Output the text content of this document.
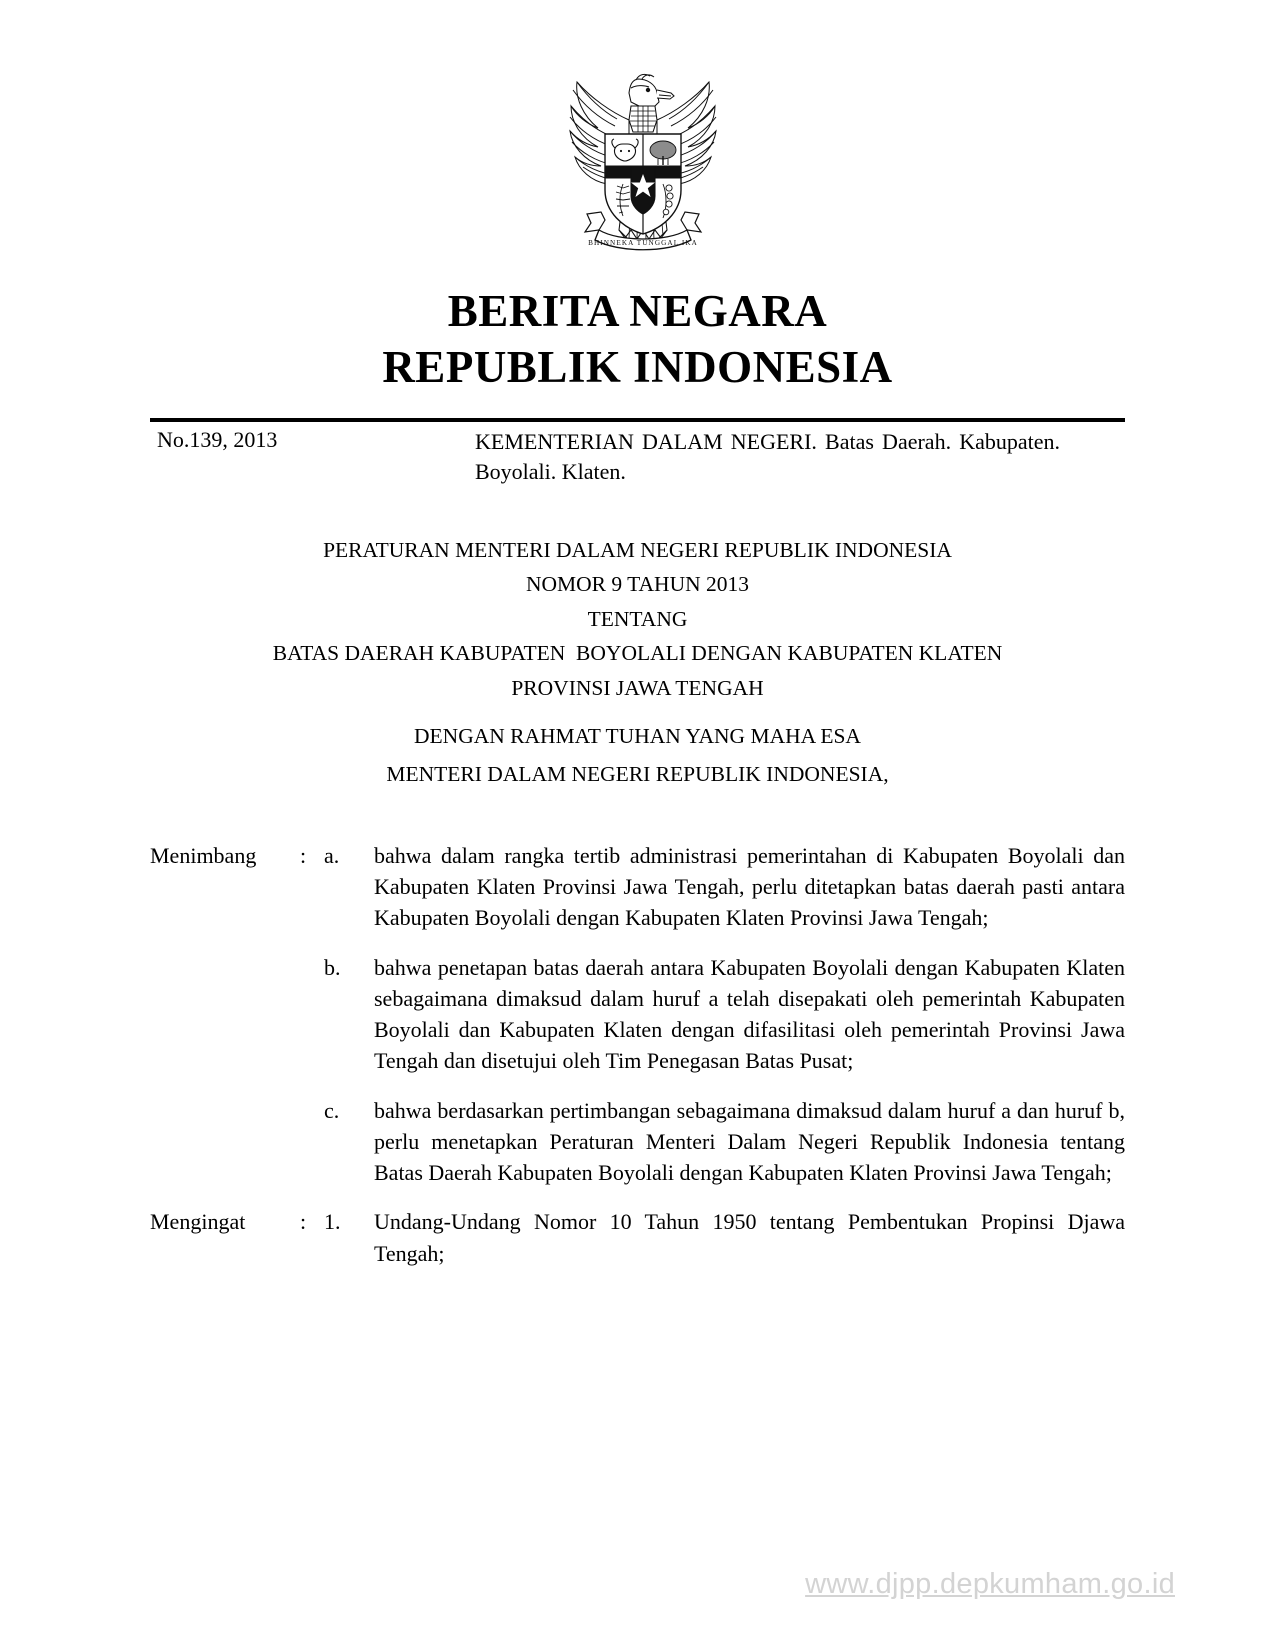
BHINNEKA TUNGGAL IKA
BERITA NEGARA
REPUBLIK INDONESIA
No.139, 2013	KEMENTERIAN DALAM NEGERI. Batas Daerah. Kabupaten. Boyolali. Klaten.
PERATURAN MENTERI DALAM NEGERI REPUBLIK INDONESIA
NOMOR 9 TAHUN 2013
TENTANG
BATAS DAERAH KABUPATEN  BOYOLALI DENGAN KABUPATEN KLATEN
PROVINSI JAWA TENGAH
DENGAN RAHMAT TUHAN YANG MAHA ESA
MENTERI DALAM NEGERI REPUBLIK INDONESIA,
Menimbang	: a.	bahwa dalam rangka tertib administrasi pemerintahan di Kabupaten Boyolali dan Kabupaten Klaten Provinsi Jawa Tengah, perlu ditetapkan batas daerah pasti antara Kabupaten Boyolali dengan Kabupaten Klaten Provinsi Jawa Tengah;
b.	bahwa penetapan batas daerah antara Kabupaten Boyolali dengan Kabupaten Klaten sebagaimana dimaksud dalam huruf a telah disepakati oleh pemerintah Kabupaten Boyolali dan Kabupaten Klaten dengan difasilitasi oleh pemerintah Provinsi Jawa Tengah dan disetujui oleh Tim Penegasan Batas Pusat;
c.	bahwa berdasarkan pertimbangan sebagaimana dimaksud dalam huruf a dan huruf b, perlu menetapkan Peraturan Menteri Dalam Negeri Republik Indonesia tentang Batas Daerah Kabupaten Boyolali dengan Kabupaten Klaten Provinsi Jawa Tengah;
Mengingat	: 1.	Undang-Undang Nomor 10 Tahun 1950 tentang Pembentukan Propinsi Djawa Tengah;
www.djpp.depkumham.go.id
